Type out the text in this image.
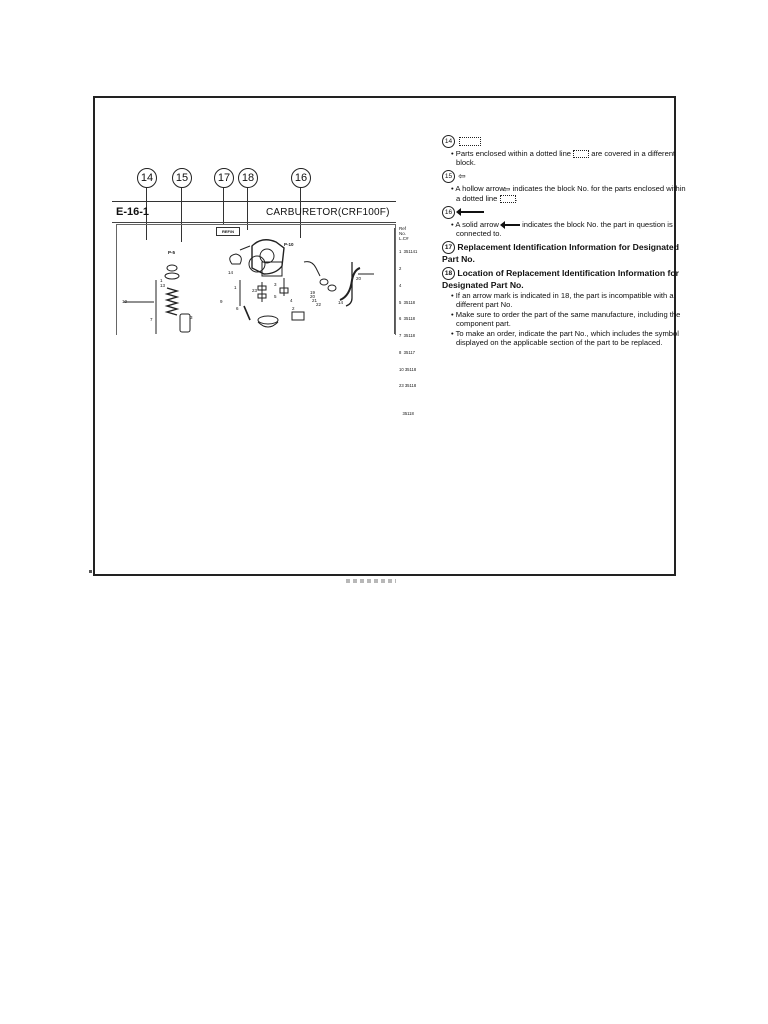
14	15	17	18	16
E-16-1	CARBURETOR(CRF100F)
Ref No. L.C#

1  351141

2

4

5  35118

6  35118

7  35118

8  35117

10 35118

23 35118

35118

REF/N
P-5
P-10
10
7	3
1
13
14
1
9
6
23
3
5
2
4
19
20
21
22
20
14
14
• Parts enclosed within a dotted line	are covered in a different block.
15 ⇦
• A hollow arrow ⇦ indicates the block No. for the parts enclosed within a dotted line .
16
• A solid arrow	indicates the block No. the part in question is connected to.
17 Replacement Identification Information for Designated Part No.
18 Location of Replacement Identification Information for Designated Part No.
• If an arrow mark is indicated in 18, the part is incompatible with a different part No.
• Make sure to order the part of the same manufacture, including the component part.
• To make an order, indicate the part No., which includes the symbol displayed on the applicable section of the part to be replaced.
